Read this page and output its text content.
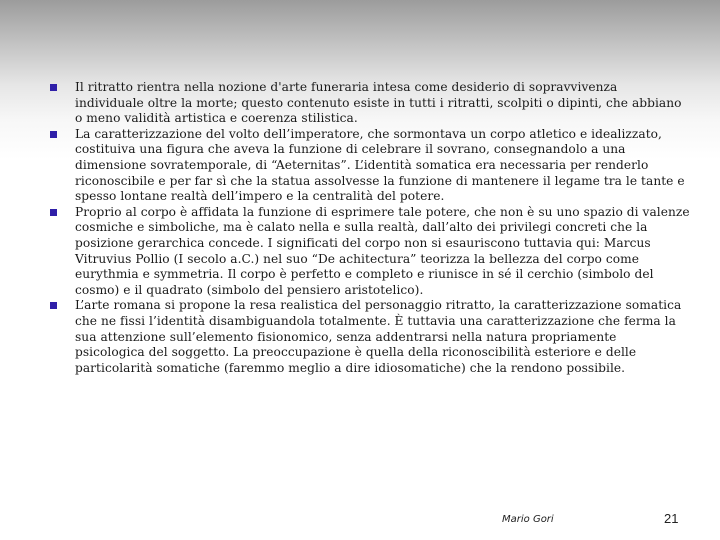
Il ritratto rientra nella nozione d'arte funeraria intesa come desiderio di sopravvivenza individuale oltre la morte; questo contenuto esiste in tutti i ritratti, scolpiti o dipinti, che abbiano o meno validità artistica e coerenza stilistica.
La caratterizzazione del volto dell’imperatore, che sormontava un corpo atletico e idealizzato, costituiva una figura che aveva la funzione di celebrare il sovrano, consegnandolo a una dimensione sovratemporale, di “Aeternitas”. L’identità somatica era necessaria per renderlo riconoscibile e per far sì che la statua assolvesse la funzione di mantenere il legame tra le tante e spesso lontane realtà dell’impero e la centralità del potere.
Proprio al corpo è affidata la funzione di esprimere tale potere, che non è su uno spazio di valenze cosmiche e simboliche, ma è calato nella e sulla realtà, dall’alto dei privilegi concreti che la posizione gerarchica concede. I significati del corpo non si esauriscono tuttavia qui: Marcus Vitruvius Pollio (I secolo a.C.) nel suo “De achitectura” teorizza la bellezza del corpo come eurythmia e symmetria. Il corpo è perfetto e completo e riunisce in sé il cerchio (simbolo del cosmo) e il quadrato (simbolo del pensiero aristotelico).
L’arte romana si propone la resa realistica del personaggio ritratto, la caratterizzazione somatica che ne fissi l’identità disambiguandola totalmente. È tuttavia una caratterizzazione che ferma la sua attenzione sull’elemento fisionomico, senza addentrarsi nella natura propriamente psicologica del soggetto. La preoccupazione è quella della riconoscibilità esteriore e delle particolarità somatiche (faremmo meglio a dire idiosomatiche) che la rendono possibile.
Mario Gori	21
